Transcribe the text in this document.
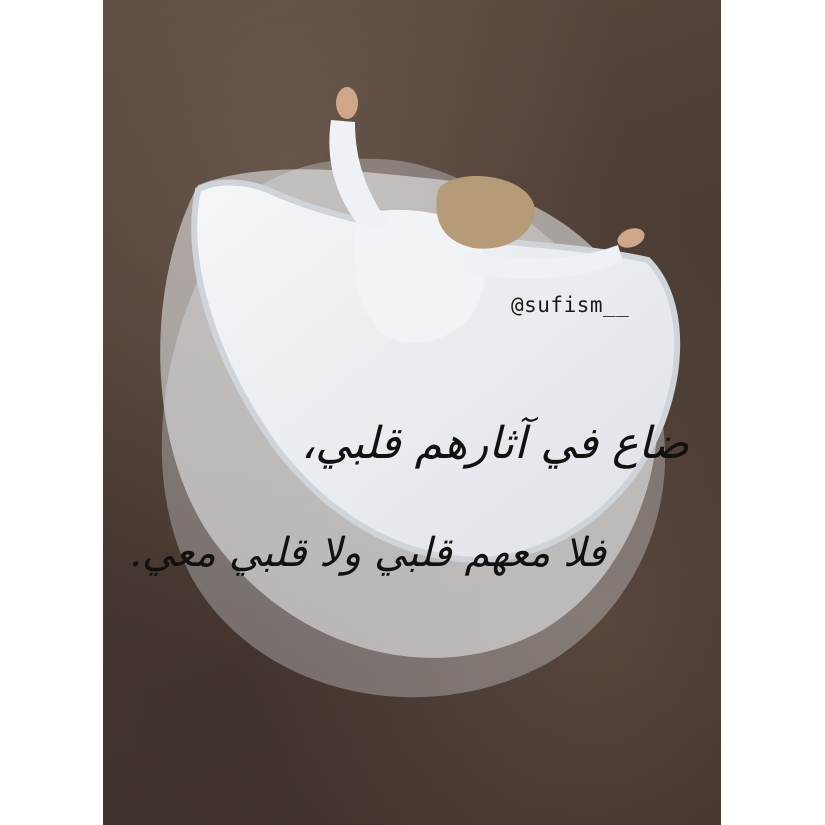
@sufism__
ضاع في آثارهم قلبي،
فلا معهم قلبي ولا قلبي معي.
